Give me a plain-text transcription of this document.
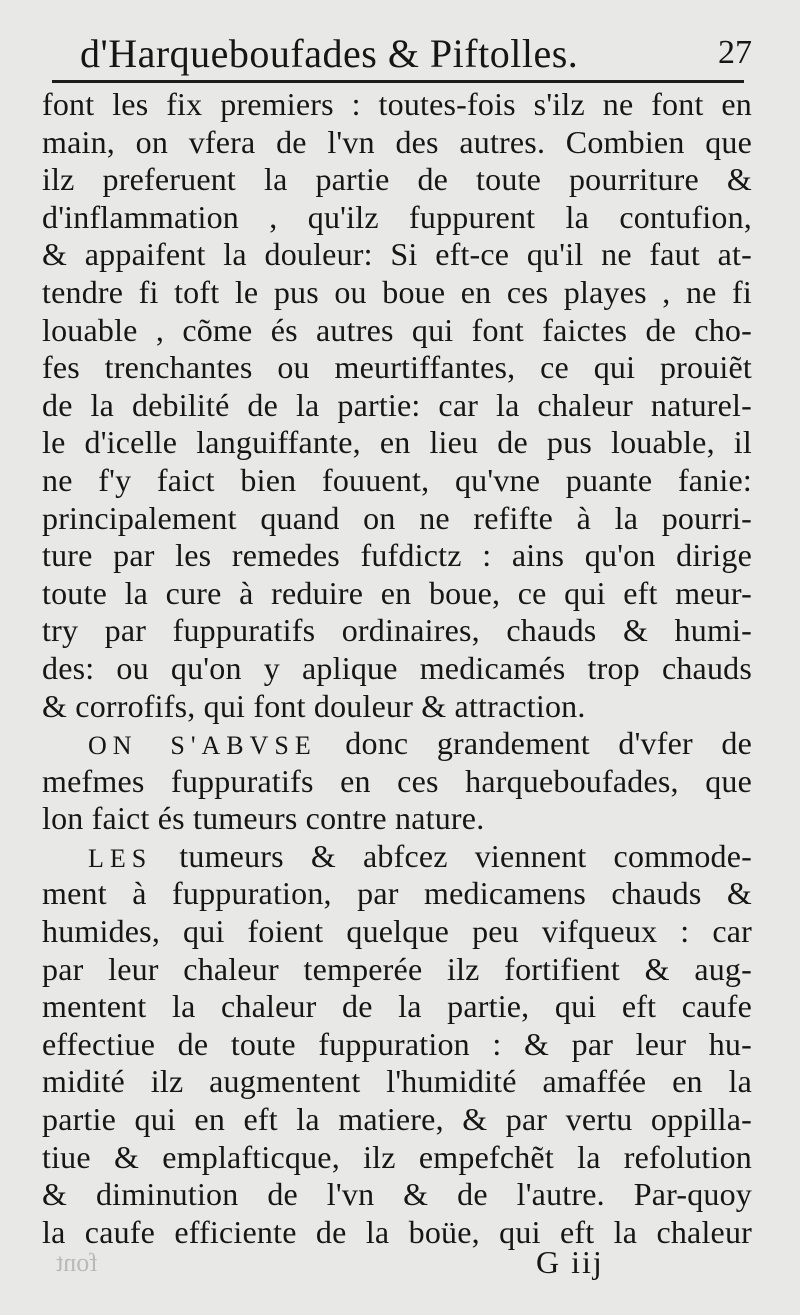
d'Harqueboufades & Piftolles.	27
font les fix premiers : toutes-fois s'ilz ne font en
main, on vfera de l'vn des autres. Combien que
ilz preferuent la partie de toute pourriture &
d'inflammation , qu'ilz fuppurent la contufion,
& appaifent la douleur: Si eft-ce qu'il ne faut at-
tendre fi toft le pus ou boue en ces playes , ne fi
louable , cõme és autres qui font faictes de cho-
fes trenchantes ou meurtiffantes, ce qui prouiẽt
de la debilité de la partie: car la chaleur naturel-
le d'icelle languiffante, en lieu de pus louable, il
ne f'y faict bien fouuent, qu'vne puante fanie:
principalement quand on ne refifte à la pourri-
ture par les remedes fufdictz : ains qu'on dirige
toute la cure à reduire en boue, ce qui eft meur-
try par fuppuratifs ordinaires, chauds & humi-
des: ou qu'on y aplique medicamés trop chauds
& corrofifs, qui font douleur & attraction.
ON S'ABVSE donc grandement d'vfer de
mefmes fuppuratifs en ces harqueboufades, que
lon faict és tumeurs contre nature.
LES tumeurs & abfcez viennent commode-
ment à fuppuration, par medicamens chauds &
humides, qui foient quelque peu vifqueux : car
par leur chaleur temperée ilz fortifient & aug-
mentent la chaleur de la partie, qui eft caufe
effectiue de toute fuppuration : & par leur hu-
midité ilz augmentent l'humidité amaffée en la
partie qui en eft la matiere, & par vertu oppilla-
tiue & emplafticque, ilz empefchẽt la refolution
& diminution de l'vn & de l'autre. Par-quoy
la caufe efficiente de la boüe, qui eft la chaleur
font	G iij
